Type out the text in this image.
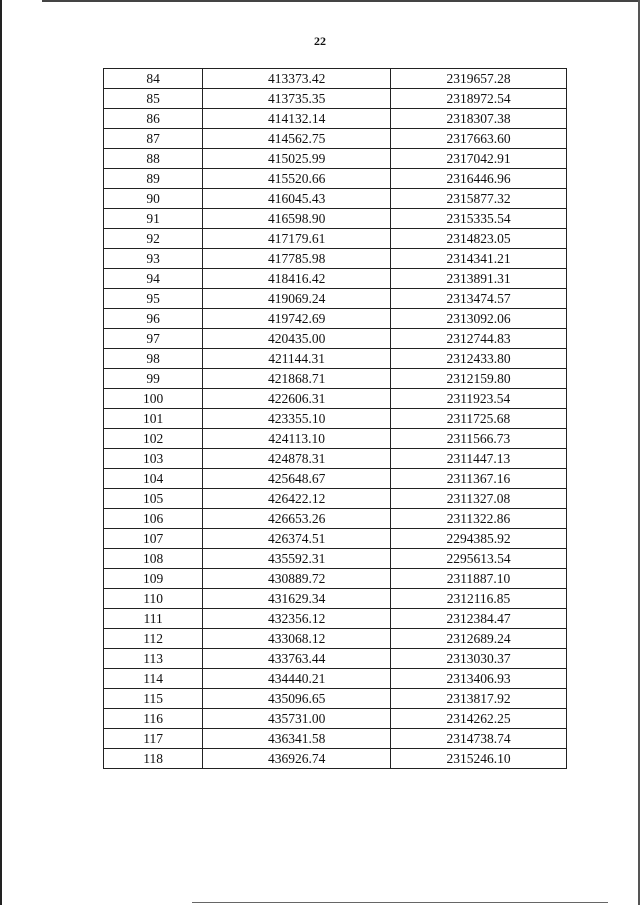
22
84	413373.42	2319657.28
85	413735.35	2318972.54
86	414132.14	2318307.38
87	414562.75	2317663.60
88	415025.99	2317042.91
89	415520.66	2316446.96
90	416045.43	2315877.32
91	416598.90	2315335.54
92	417179.61	2314823.05
93	417785.98	2314341.21
94	418416.42	2313891.31
95	419069.24	2313474.57
96	419742.69	2313092.06
97	420435.00	2312744.83
98	421144.31	2312433.80
99	421868.71	2312159.80
100	422606.31	2311923.54
101	423355.10	2311725.68
102	424113.10	2311566.73
103	424878.31	2311447.13
104	425648.67	2311367.16
105	426422.12	2311327.08
106	426653.26	2311322.86
107	426374.51	2294385.92
108	435592.31	2295613.54
109	430889.72	2311887.10
110	431629.34	2312116.85
111	432356.12	2312384.47
112	433068.12	2312689.24
113	433763.44	2313030.37
114	434440.21	2313406.93
115	435096.65	2313817.92
116	435731.00	2314262.25
117	436341.58	2314738.74
118	436926.74	2315246.10
